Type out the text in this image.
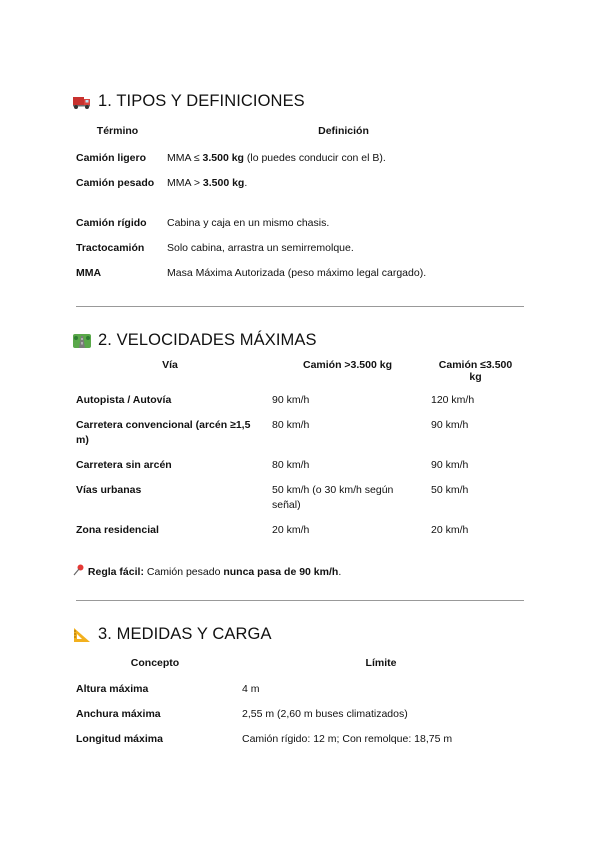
1. TIPOS Y DEFINICIONES
Término	Definición
Camión ligero	MMA ≤ 3.500 kg (lo puedes conducir con el B).
Camión pesado	MMA > 3.500 kg.
Camión rígido	Cabina y caja en un mismo chasis.
Tractocamión	Solo cabina, arrastra un semirremolque.
MMA	Masa Máxima Autorizada (peso máximo legal cargado).
2. VELOCIDADES MÁXIMAS
Vía	Camión >3.500 kg	Camión ≤3.500 kg
Autopista / Autovía	90 km/h	120 km/h
Carretera convencional (arcén ≥1,5 m)	80 km/h	90 km/h
Carretera sin arcén	80 km/h	90 km/h
Vías urbanas	50 km/h (o 30 km/h según señal)	50 km/h
Zona residencial	20 km/h	20 km/h
Regla fácil: Camión pesado nunca pasa de 90 km/h.
3. MEDIDAS Y CARGA
Concepto	Límite
Altura máxima	4 m
Anchura máxima	2,55 m (2,60 m buses climatizados)
Longitud máxima	Camión rígido: 12 m; Con remolque: 18,75 m
